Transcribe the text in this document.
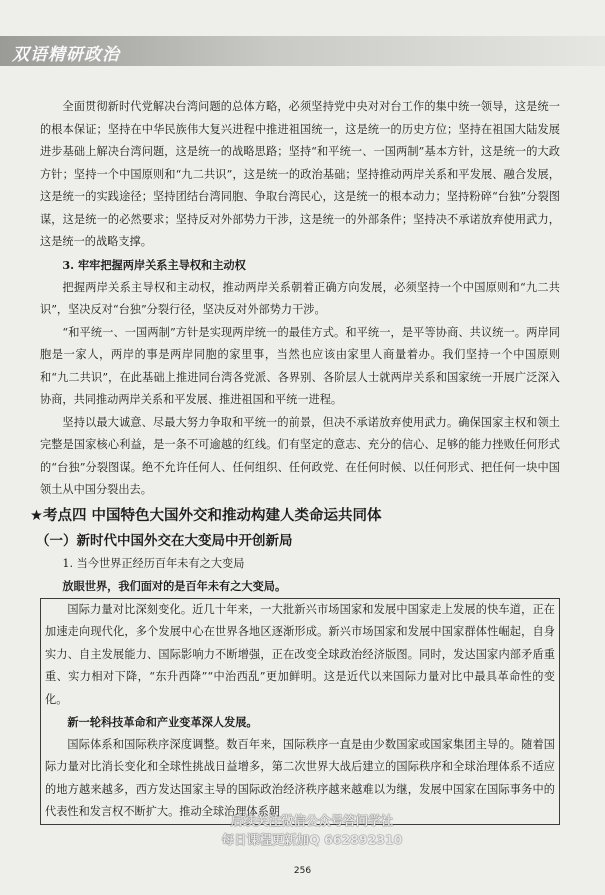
双语精研政治

全面贯彻新时代党解决台湾问题的总体方略，必须坚持党中央对对台工作的集中统一领导，这是统一的根本保证；坚持在中华民族伟大复兴进程中推进祖国统一，这是统一的历史方位；坚持在祖国大陆发展进步基础上解决台湾问题，这是统一的战略思路；坚持“和平统一、一国两制”基本方针，这是统一的大政方针；坚持一个中国原则和“九二共识”，这是统一的政治基础；坚持推动两岸关系和平发展、融合发展，这是统一的实践途径；坚持团结台湾同胞、争取台湾民心，这是统一的根本动力；坚持粉碎“台独”分裂图谋，这是统一的必然要求；坚持反对外部势力干涉，这是统一的外部条件；坚持决不承诺放弃使用武力，这是统一的战略支撑。

3. 牢牢把握两岸关系主导权和主动权

把握两岸关系主导权和主动权，推动两岸关系朝着正确方向发展，必须坚持一个中国原则和“九二共识”，坚决反对“台独”分裂行径，坚决反对外部势力干涉。

“和平统一、一国两制”方针是实现两岸统一的最佳方式。和平统一，是平等协商、共议统一。两岸同胞是一家人，两岸的事是两岸同胞的家里事，当然也应该由家里人商量着办。我们坚持一个中国原则和“九二共识”，在此基础上推进同台湾各党派、各界别、各阶层人士就两岸关系和国家统一开展广泛深入协商，共同推动两岸关系和平发展、推进祖国和平统一进程。

坚持以最大诚意、尽最大努力争取和平统一的前景，但决不承诺放弃使用武力。确保国家主权和领土完整是国家核心利益，是一条不可逾越的红线。们有坚定的意志、充分的信心、足够的能力挫败任何形式的“台独”分裂图谋。绝不允许任何人、任何组织、任何政党、在任何时候、以任何形式、把任何一块中国领土从中国分裂出去。

★考点四 中国特色大国外交和推动构建人类命运共同体
（一）新时代中国外交在大变局中开创新局

1. 当今世界正经历百年未有之大变局

放眼世界，我们面对的是百年未有之大变局。

国际力量对比深刻变化。近几十年来，一大批新兴市场国家和发展中国家走上发展的快车道，正在加速走向现代化，多个发展中心在世界各地区逐渐形成。新兴市场国家和发展中国家群体性崛起，自身实力、自主发展能力、国际影响力不断增强，正在改变全球政治经济版图。同时，发达国家内部矛盾重重、实力相对下降，“东升西降”“中治西乱”更加鲜明。这是近代以来国际力量对比中最具革命性的变化。

新一轮科技革命和产业变革深人发展。

国际体系和国际秩序深度调整。数百年来，国际秩序一直是由少数国家或国家集团主导的。随着国际力量对比消长变化和全球性挑战日益增多，第二次世界大战后建立的国际秩序和全球治理体系不适应的地方越来越多，西方发达国家主导的国际政治经济秩序越来越难以为继，发展中国家在国际事务中的代表性和发言权不断扩大。推动全球治理体系朝

后续关注微信公众号答问学社
每日课程更新加Q 662892310
256
